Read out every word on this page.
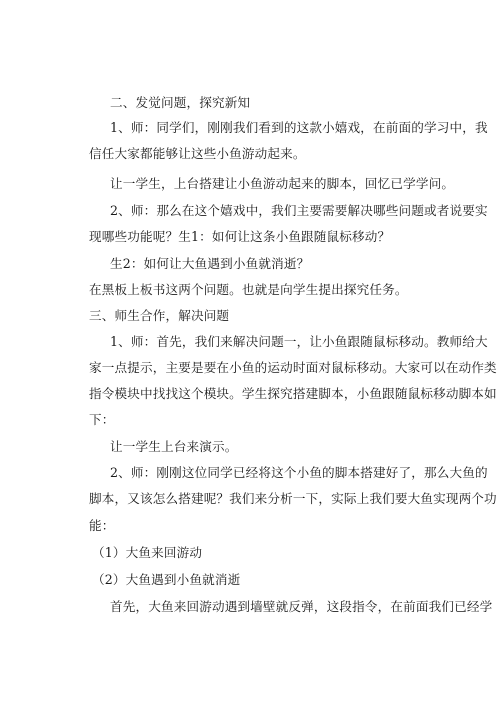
二、发觉问题，探究新知
1、师：同学们，刚刚我们看到的这款小嬉戏，在前面的学习中，我
信任大家都能够让这些小鱼游动起来。
让一学生，上台搭建让小鱼游动起来的脚本，回忆已学学问。
2、师：那么在这个嬉戏中，我们主要需要解决哪些问题或者说要实
现哪些功能呢？生1：如何让这条小鱼跟随鼠标移动？
生2：如何让大鱼遇到小鱼就消逝？
在黑板上板书这两个问题。也就是向学生提出探究任务。
三、师生合作，解决问题
1、师：首先，我们来解决问题一，让小鱼跟随鼠标移动。教师给大
家一点提示，主要是要在小鱼的运动时面对鼠标移动。大家可以在动作类
指令模块中找找这个模块。学生探究搭建脚本，小鱼跟随鼠标移动脚本如
下：
让一学生上台来演示。
2、师：刚刚这位同学已经将这个小鱼的脚本搭建好了，那么大鱼的
脚本，又该怎么搭建呢？我们来分析一下，实际上我们要大鱼实现两个功
能：
（1）大鱼来回游动
（2）大鱼遇到小鱼就消逝
首先，大鱼来回游动遇到墙壁就反弹，这段指令，在前面我们已经学
